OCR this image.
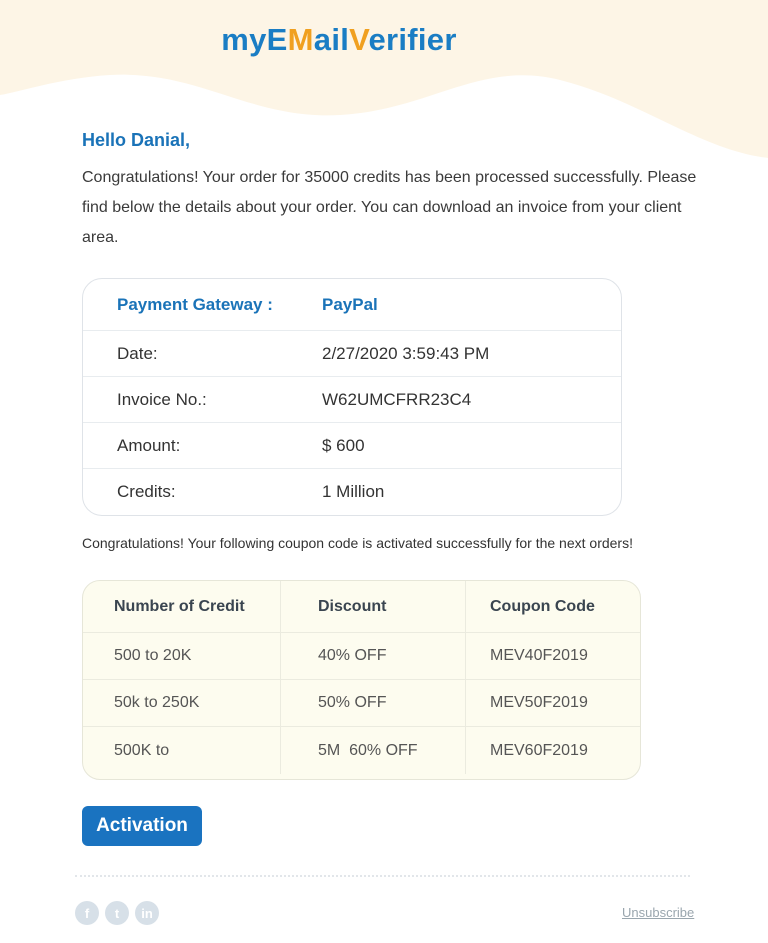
myEMailVerifier
Hello Danial,
Congratulations! Your order for 35000 credits has been processed successfully. Please find below the details about your order. You can download an invoice from your client area.
Payment Gateway :	PayPal
Date:	2/27/2020 3:59:43 PM
Invoice No.:	W62UMCFRR23C4
Amount:	$ 600
Credits:	1 Million
Congratulations! Your following coupon code is activated successfully for the next orders!
Number of Credit	Discount	Coupon Code
500 to 20K	40% OFF	MEV40F2019
50k to 250K	50% OFF	MEV50F2019
500K to	5M  60% OFF	MEV60F2019
Activation
f	t	in	Unsubscribe
